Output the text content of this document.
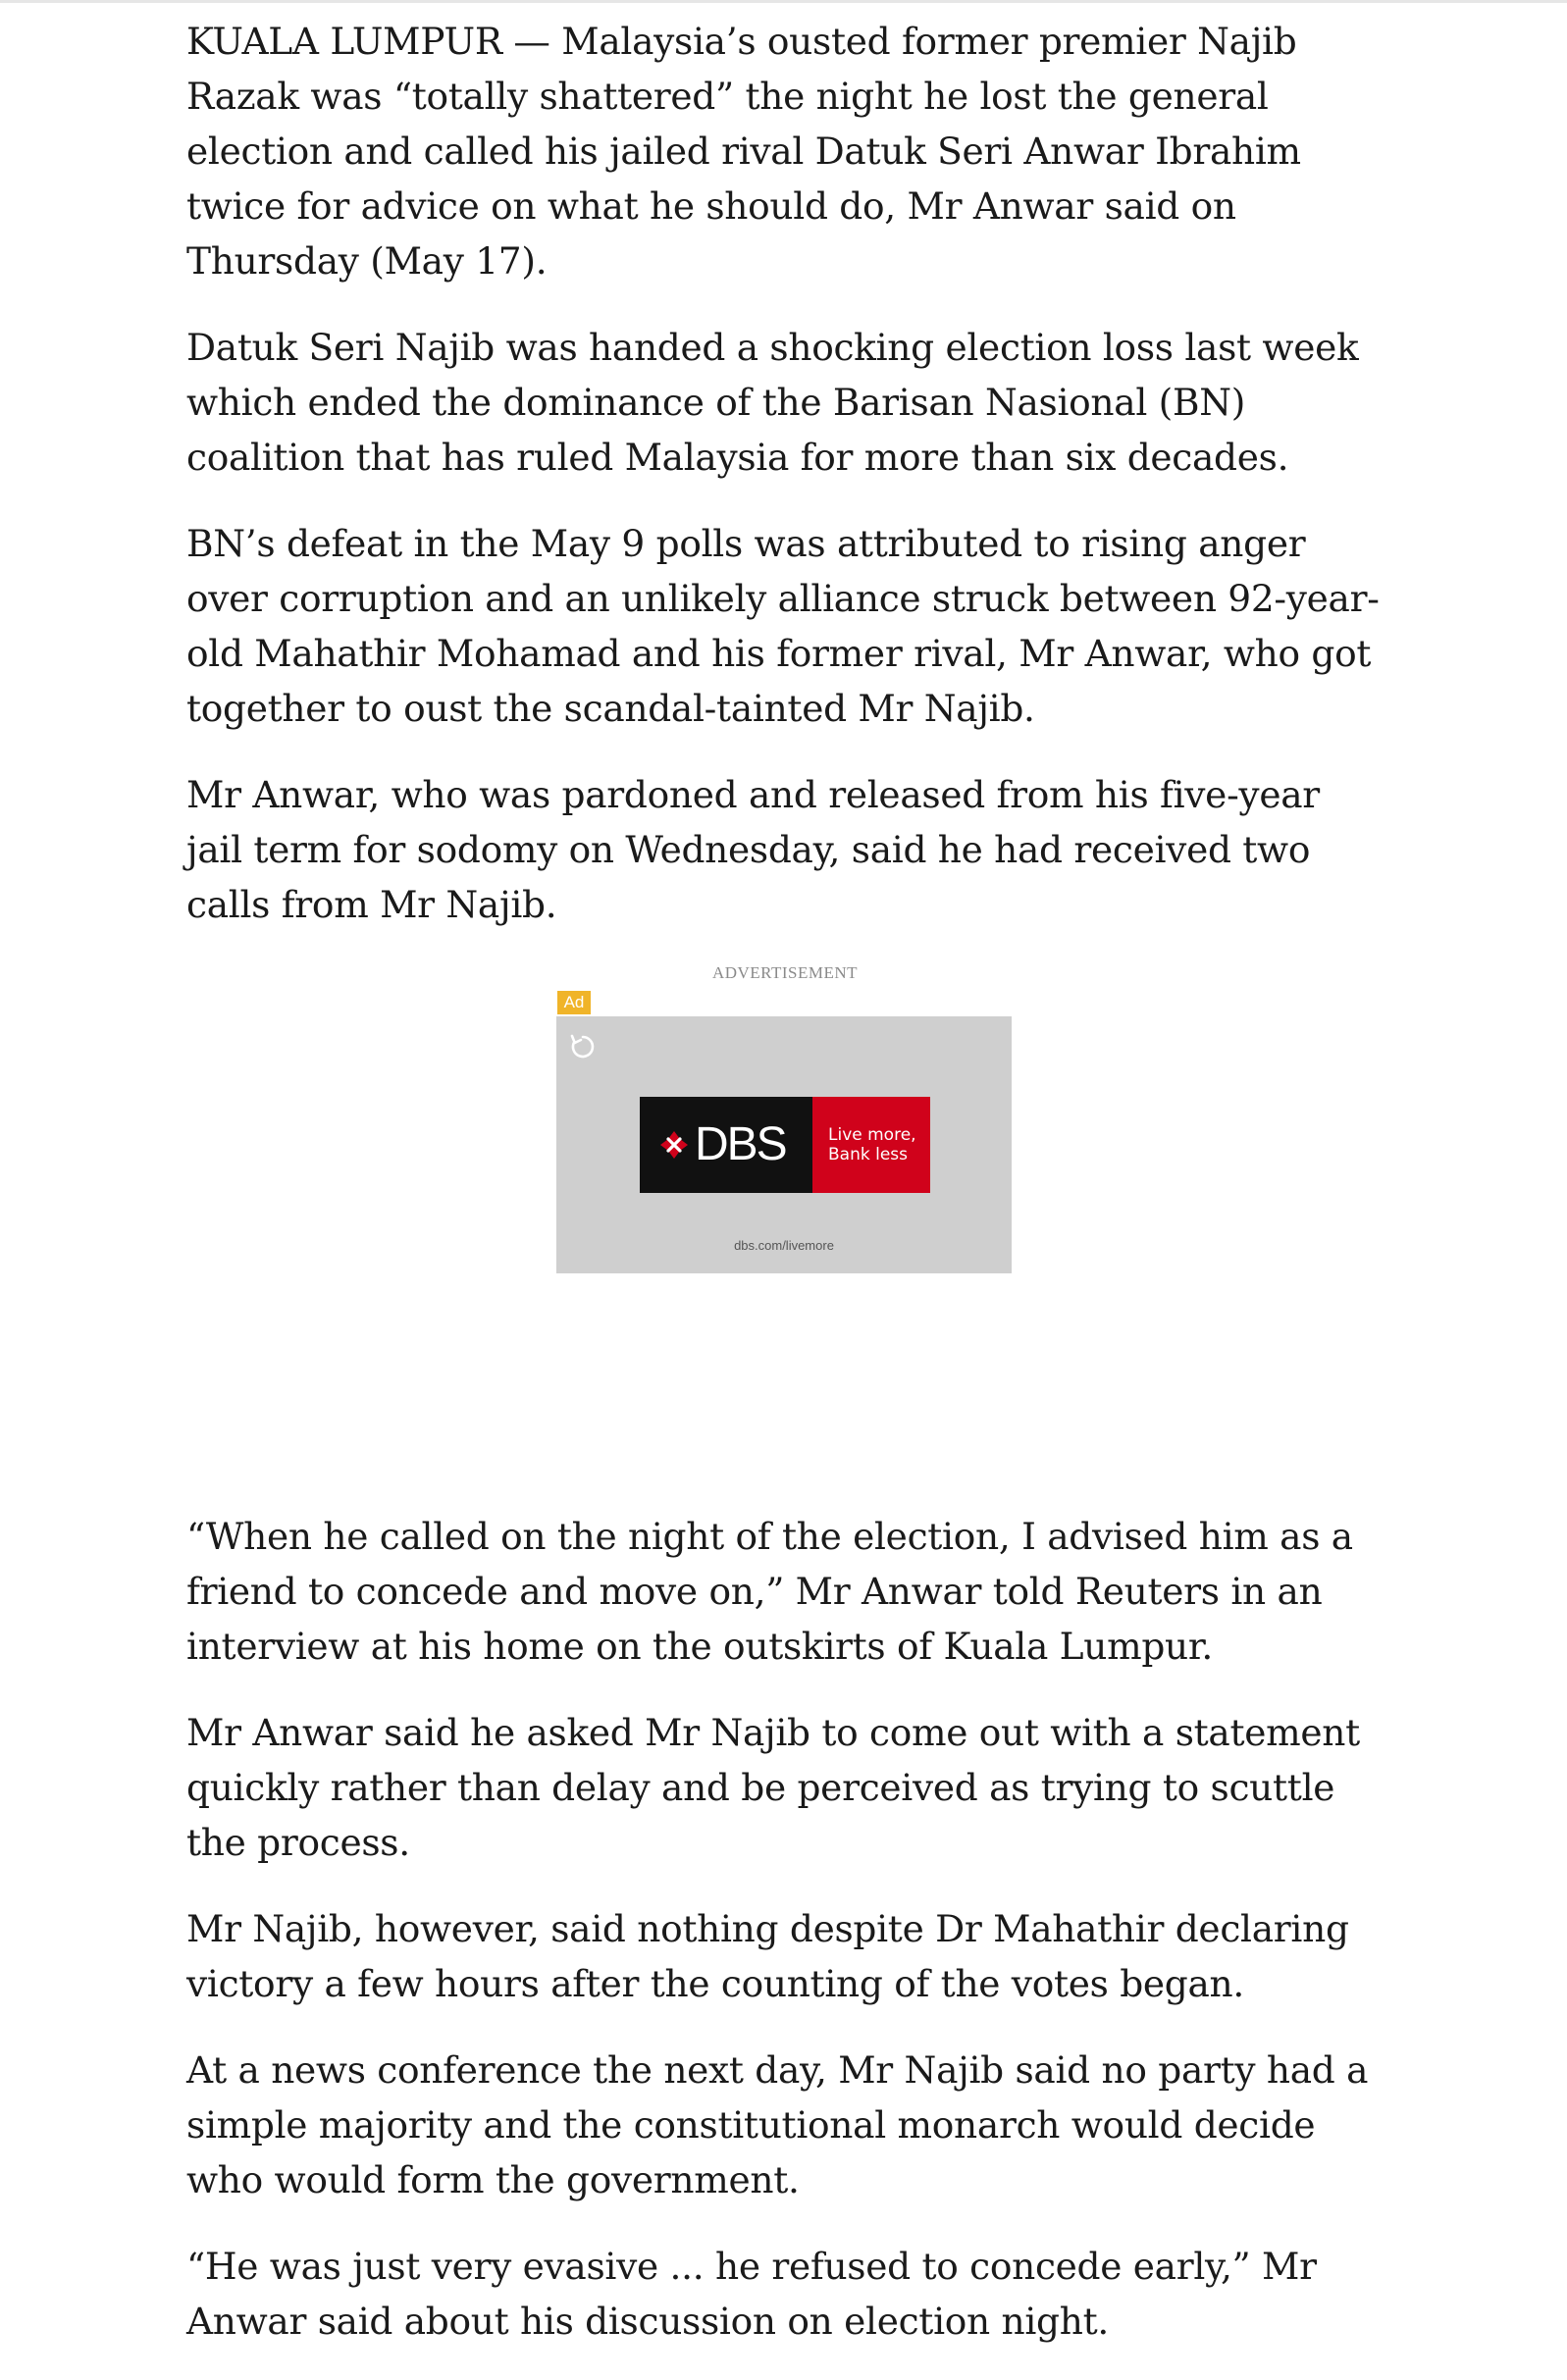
KUALA LUMPUR — Malaysia’s ousted former premier Najib Razak was “totally shattered” the night he lost the general election and called his jailed rival Datuk Seri Anwar Ibrahim twice for advice on what he should do, Mr Anwar said on Thursday (May 17).

Datuk Seri Najib was handed a shocking election loss last week which ended the dominance of the Barisan Nasional (BN) coalition that has ruled Malaysia for more than six decades.

BN’s defeat in the May 9 polls was attributed to rising anger over corruption and an unlikely alliance struck between 92-year-old Mahathir Mohamad and his former rival, Mr Anwar, who got together to oust the scandal-tainted Mr Najib.

Mr Anwar, who was pardoned and released from his five-year jail term for sodomy on Wednesday, said he had received two calls from Mr Najib.

ADVERTISEMENT
Ad
DBS	Live more,
Bank less
dbs.com/livemore

“When he called on the night of the election, I advised him as a friend to concede and move on,” Mr Anwar told Reuters in an interview at his home on the outskirts of Kuala Lumpur.

Mr Anwar said he asked Mr Najib to come out with a statement quickly rather than delay and be perceived as trying to scuttle the process.

Mr Najib, however, said nothing despite Dr Mahathir declaring victory a few hours after the counting of the votes began.

At a news conference the next day, Mr Najib said no party had a simple majority and the constitutional monarch would decide who would form the government.

“He was just very evasive ... he refused to concede early,” Mr Anwar said about his discussion on election night.
